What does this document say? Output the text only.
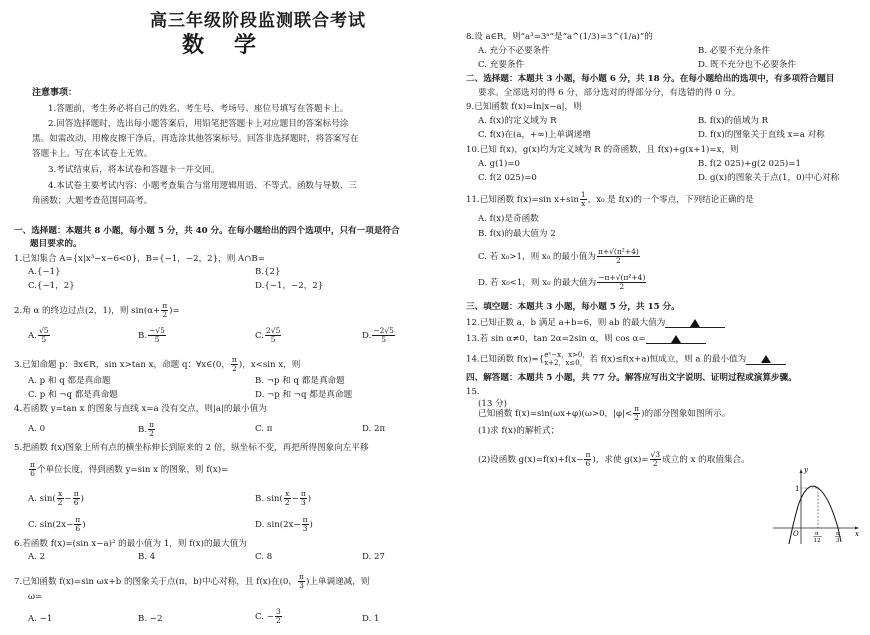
高三年级阶段监测联合考试
数学
注意事项：
1.答题前，考生务必将自己的姓名、考生号、考场号、座位号填写在答题卡上。
2.回答选择题时，选出每小题答案后，用铅笔把答题卡上对应题目的答案标号涂
黑。如需改动，用橡皮擦干净后，再选涂其他答案标号。回答非选择题时，将答案写在
答题卡上。写在本试卷上无效。
3.考试结束后，将本试卷和答题卡一并交回。
4.本试卷主要考试内容：小题考查集合与常用逻辑用语、不等式、函数与导数、三
角函数；大题考查范围同高考。
一、选择题：本题共 8 小题，每小题 5 分，共 40 分。在每小题给出的四个选项中，只有一项是符合
题目要求的。
1.已知集合 A={x|x³−x−6<0}，B={−1，−2，2}，则 A∩B=
A.{−1}	B.{2}
C.{−1，2}	D.{−1，−2，2}
2.角 α 的终边过点(2，1)，则 $\sin(\alpha+ \frac{\pi}{2}$ )=
A. $\frac{√5}{5}$	B. $\frac{-√5}{5}$	C. $\frac{2√5}{5}$	D. $\frac{-2√5}{5}$
3.已知命题 p：∃x∈R，sin x>tan x，命题 q：∀x∈(0， $\frac{\pi}{2}$ )，x<sin x，则
A. p 和 q 都是真命题	B. ¬p 和 q 都是真命题
C. p 和 ¬q 都是真命题	D. ¬p 和 ¬q 都是真命题
4.若函数 y=tan x 的图象与直线 x=a 没有交点，则|a|的最小值为
A. 0	B. $\frac{\pi}{2}$	C. π	D. 2π
5.把函数 f(x)图象上所有点的横坐标伸长到原来的 2 倍，纵坐标不变，再把所得图象向左平移
$\frac{\pi}{6}$ 个单位长度，得到函数 y=sin x 的图象，则 f(x)=
A. $\sin( \frac{x}{2} - \frac{\pi}{6}$ )	B. $\sin( \frac{x}{2} - \frac{\pi}{3}$ )
C. $\sin(2x- \frac{\pi}{6}$ )	D. $\sin(2x- \frac{\pi}{3}$ )
6.若函数 f(x)=(sin x−a)² 的最小值为 1，则 f(x)的最大值为
A. 2	B. 4	C. 8	D. 27
7.已知函数 f(x)=sin ωx+b 的图象关于点(π，b)中心对称，且 f(x)在(0， $\frac{\pi}{3}$ )上单调递减，则
ω=
A. −1	B. −2	C. − $\frac{3}{2}$	D. 1
8.设 a∈R，则“a³=3ᵃ”是“a^(1/3)=3^(1/a)”的
A. 充分不必要条件	B. 必要不充分条件
C. 充要条件	D. 既不充分也不必要条件
二、选择题：本题共 3 小题，每小题 6 分，共 18 分。在每小题给出的选项中，有多项符合题目
要求。全部选对的得 6 分，部分选对的得部分分，有选错的得 0 分。
9.已知函数 f(x)=ln|x−a|，则
A. f(x)的定义域为 R	B. f(x)的值域为 R
C. f(x)在(a，+∞)上单调递增	D. f(x)的图象关于直线 x=a 对称
10.已知 f(x)，g(x)均为定义域为 R 的奇函数，且 f(x)+g(x+1)=x，则
A. g(1)=0	B. f(2 025)+g(2 025)=1
C. f(2 025)=0	D. g(x)的图象关于点(1，0)中心对称
11.已知函数 f(x)=sin $x+\sin \frac{1}{x}$ ，x₀ 是 f(x)的一个零点，下列结论正确的是
A. f(x)是奇函数
B. f(x)的最大值为 2
C. 若 x₀>1，则 x₀ 的最小值为 $\frac{\text{π+√(π²+4)}}{2}$
D. 若 x₀<1，则 x₀ 的最大值为 $\frac{\text{−π+√(π²+4)}}{2}$
三、填空题：本题共 3 小题，每小题 5 分，共 15 分。
12.已知正数 a，b 满足 a+b=6，则 ab 的最大值为
13.若 sin α≠0，tan 2α=2sin α，则 cos α=
14.已知函数 f(x)={ eˣ−x，x>0，
x+2，x≤0， 若 f(x)≤f(x+a)恒成立，则 a 的最小值为
四、解答题：本题共 5 小题，共 77 分。解答应写出文字说明、证明过程或演算步骤。
15.
(13 分)
已知函数 f(x)=sin(ωx+φ)(ω>0，$|\varphi|< \frac{\pi}{2}$ )的部分图象如图所示。
(1)求 f(x)的解析式；
(2)设函数 $g(x)=f(x)+f(x- \frac{\pi}{6}$ )，求使 $g(x)= \frac{√3}{2}$ 成立的 x 的取值集合。
y
x
O
1
π
12
π
3
